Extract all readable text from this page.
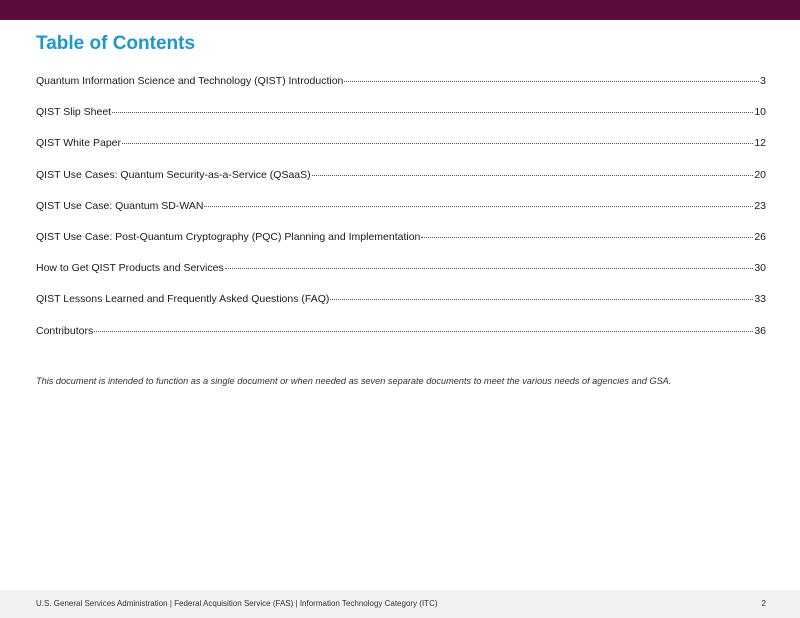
Table of Contents
Quantum Information Science and Technology (QIST) Introduction	3
QIST Slip Sheet	10
QIST White Paper	12
QIST Use Cases: Quantum Security-as-a-Service (QSaaS)	20
QIST Use Case: Quantum SD-WAN	23
QIST Use Case: Post-Quantum Cryptography (PQC) Planning and Implementation	26
How to Get QIST Products and Services	30
QIST Lessons Learned and Frequently Asked Questions (FAQ)	33
Contributors	36

This document is intended to function as a single document or when needed as seven separate documents to meet the various needs of agencies and GSA.

U.S. General Services Administration | Federal Acquisition Service (FAS) | Information Technology Category (ITC)	2
